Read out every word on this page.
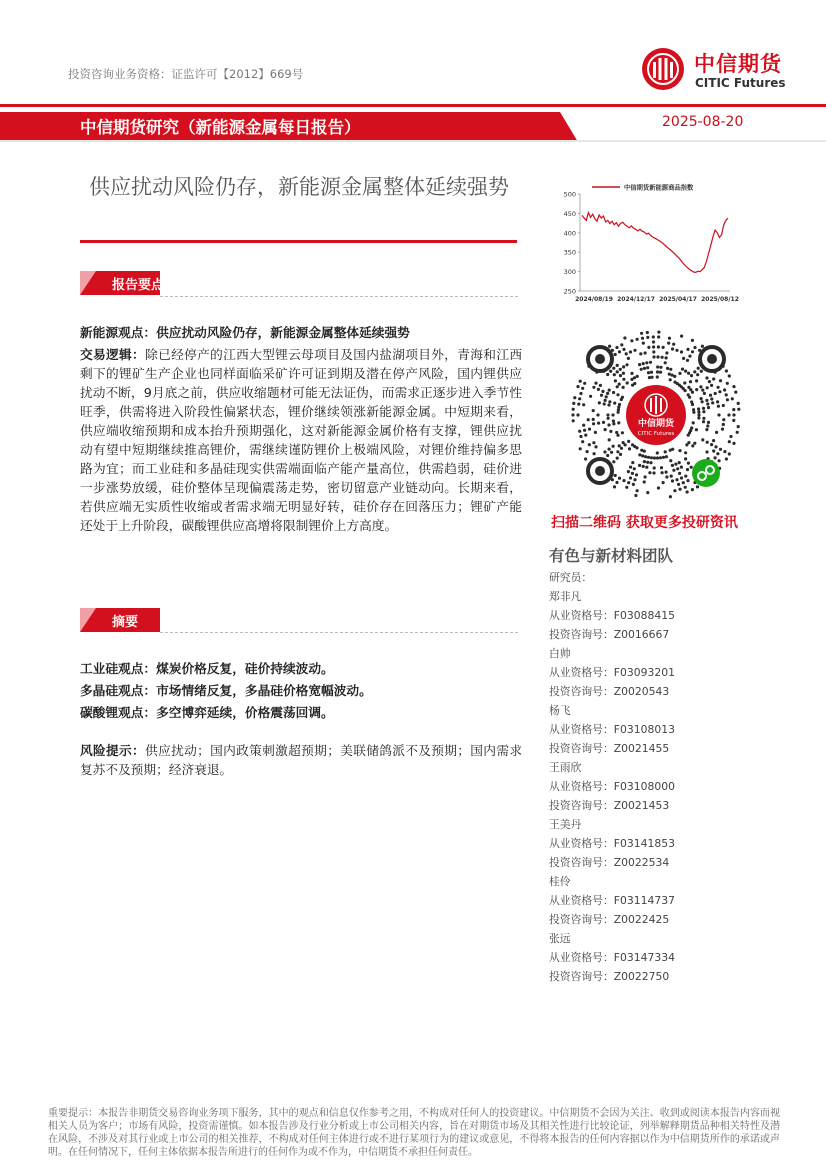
投资咨询业务资格：证监许可【2012】669号	中信期货
CITIC Futures
中信期货研究（新能源金属每日报告）	2025-08-20
供应扰动风险仍存，新能源金属整体延续强势
报告要点
新能源观点：供应扰动风险仍存，新能源金属整体延续强势
交易逻辑：除已经停产的江西大型锂云母项目及国内盐湖项目外，青海和江西剩下的锂矿生产企业也同样面临采矿许可证到期及潜在停产风险，国内锂供应扰动不断，9月底之前，供应收缩题材可能无法证伪，而需求正逐步进入季节性旺季，供需将进入阶段性偏紧状态，锂价继续领涨新能源金属。中短期来看，供应端收缩预期和成本抬升预期强化，这对新能源金属价格有支撑，锂供应扰动有望中短期继续推高锂价，需继续谨防锂价上极端风险，对锂价维持偏多思路为宜；而工业硅和多晶硅现实供需端面临产能产量高位，供需趋弱，硅价进一步涨势放缓，硅价整体呈现偏震荡走势，密切留意产业链动向。长期来看，若供应端无实质性收缩或者需求端无明显好转，硅价存在回落压力；锂矿产能还处于上升阶段，碳酸锂供应高增将限制锂价上方高度。
摘要
工业硅观点：煤炭价格反复，硅价持续波动。
多晶硅观点：市场情绪反复，多晶硅价格宽幅波动。
碳酸锂观点：多空博弈延续，价格震荡回调。
风险提示：供应扰动；国内政策刺激超预期；美联储鸽派不及预期；国内需求复苏不及预期；经济衰退。
250
300
350
400
450
500
2024/08/19 2024/12/17 2025/04/17 2025/08/12
中信期货新能源商品指数
中信期货
CITIC Futures
扫描二维码 获取更多投研资讯
有色与新材料团队
研究员：
郑非凡
从业资格号：F03088415
投资咨询号：Z0016667
白帅
从业资格号：F03093201
投资咨询号：Z0020543
杨飞
从业资格号：F03108013
投资咨询号：Z0021455
王雨欣
从业资格号：F03108000
投资咨询号：Z0021453
王美丹
从业资格号：F03141853
投资咨询号：Z0022534
桂伶
从业资格号：F03114737
投资咨询号：Z0022425
张远
从业资格号：F03147334
投资咨询号：Z0022750
重要提示：本报告非期货交易咨询业务项下服务，其中的观点和信息仅作参考之用，不构成对任何人的投资建议。中信期货不会因为关注、收到或阅读本报告内容而视相关人员为客户；市场有风险，投资需谨慎。如本报告涉及行业分析或上市公司相关内容，旨在对期货市场及其相关性进行比较论证，列举解释期货品种相关特性及潜在风险，不涉及对其行业或上市公司的相关推荐，不构成对任何主体进行或不进行某项行为的建议或意见，不得将本报告的任何内容据以作为中信期货所作的承诺或声明。在任何情况下，任何主体依据本报告所进行的任何作为或不作为，中信期货不承担任何责任。
